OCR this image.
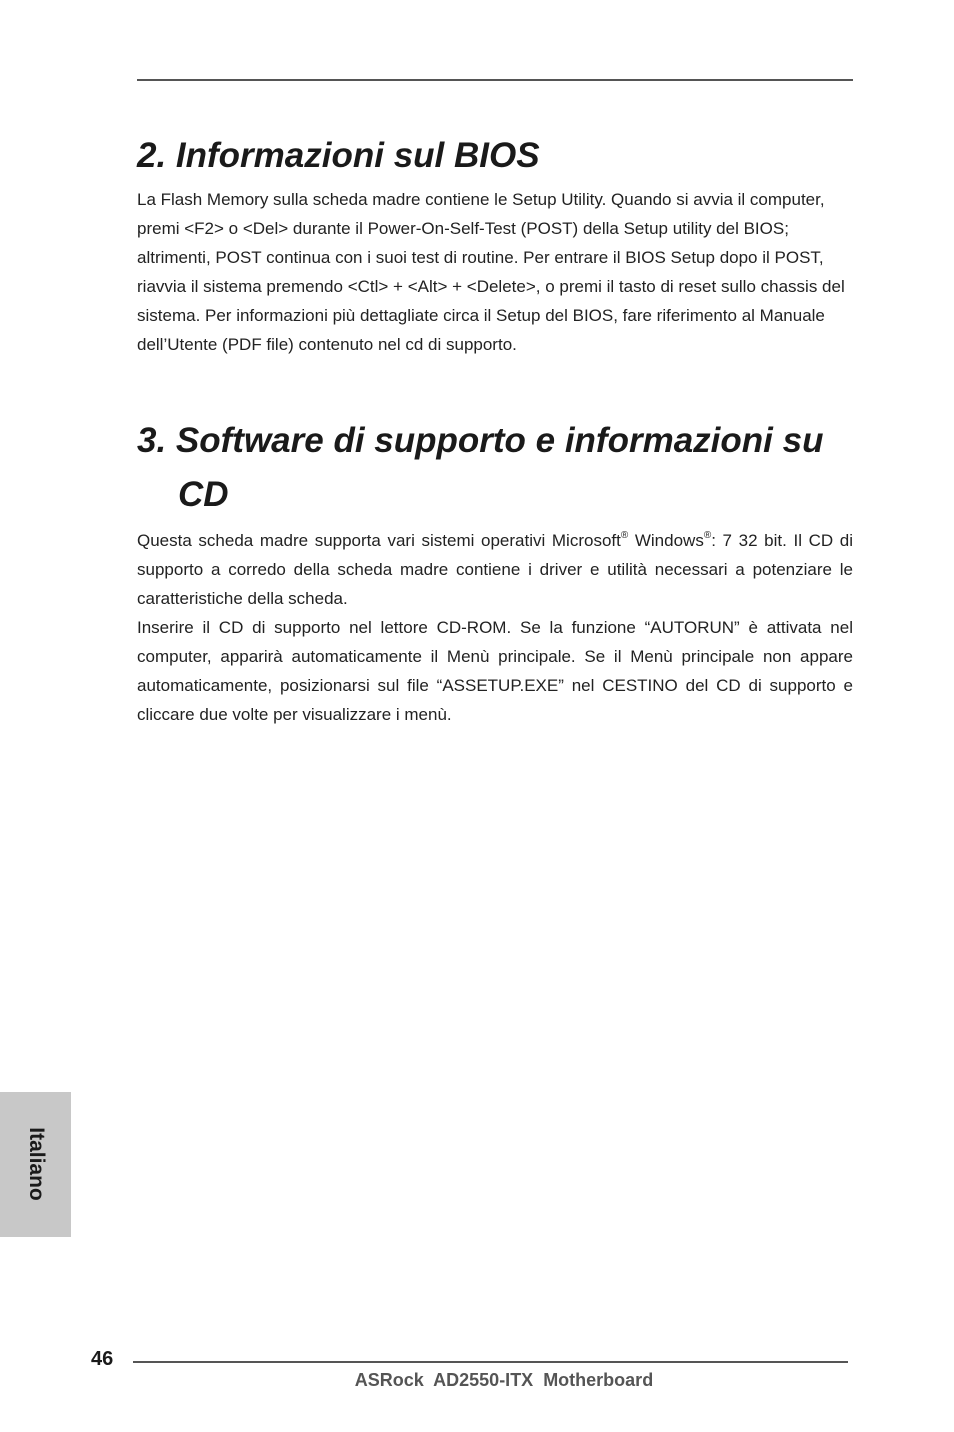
2. Informazioni sul BIOS

La Flash Memory sulla scheda madre contiene le Setup Utility. Quando si avvia il computer, premi <F2> o <Del> durante il Power-On-Self-Test (POST) della Setup utility del BIOS; altrimenti, POST continua con i suoi test di routine. Per entrare il BIOS Setup dopo il POST, riavvia il sistema premendo <Ctl> + <Alt> + <Delete>, o premi il tasto di reset sullo chassis del sistema. Per informazioni più dettagliate circa il Setup del BIOS, fare riferimento al Manuale dell’Utente (PDF file) contenuto nel cd di supporto.

3. Software di supporto e informazioni su CD

Questa scheda madre supporta vari sistemi operativi Microsoft® Windows®: 7 32 bit. Il CD di supporto a corredo della scheda madre contiene i driver e utilità necessari a potenziare le caratteristiche della scheda.

Inserire il CD di supporto nel lettore CD-ROM. Se la funzione “AUTORUN” è attivata nel computer, apparirà automaticamente il Menù principale. Se il Menù principale non appare automaticamente, posizionarsi sul file “ASSETUP.EXE” nel CESTINO del CD di supporto e cliccare due volte per visualizzare i menù.

Italiano
46
ASRock  AD2550-ITX  Motherboard
